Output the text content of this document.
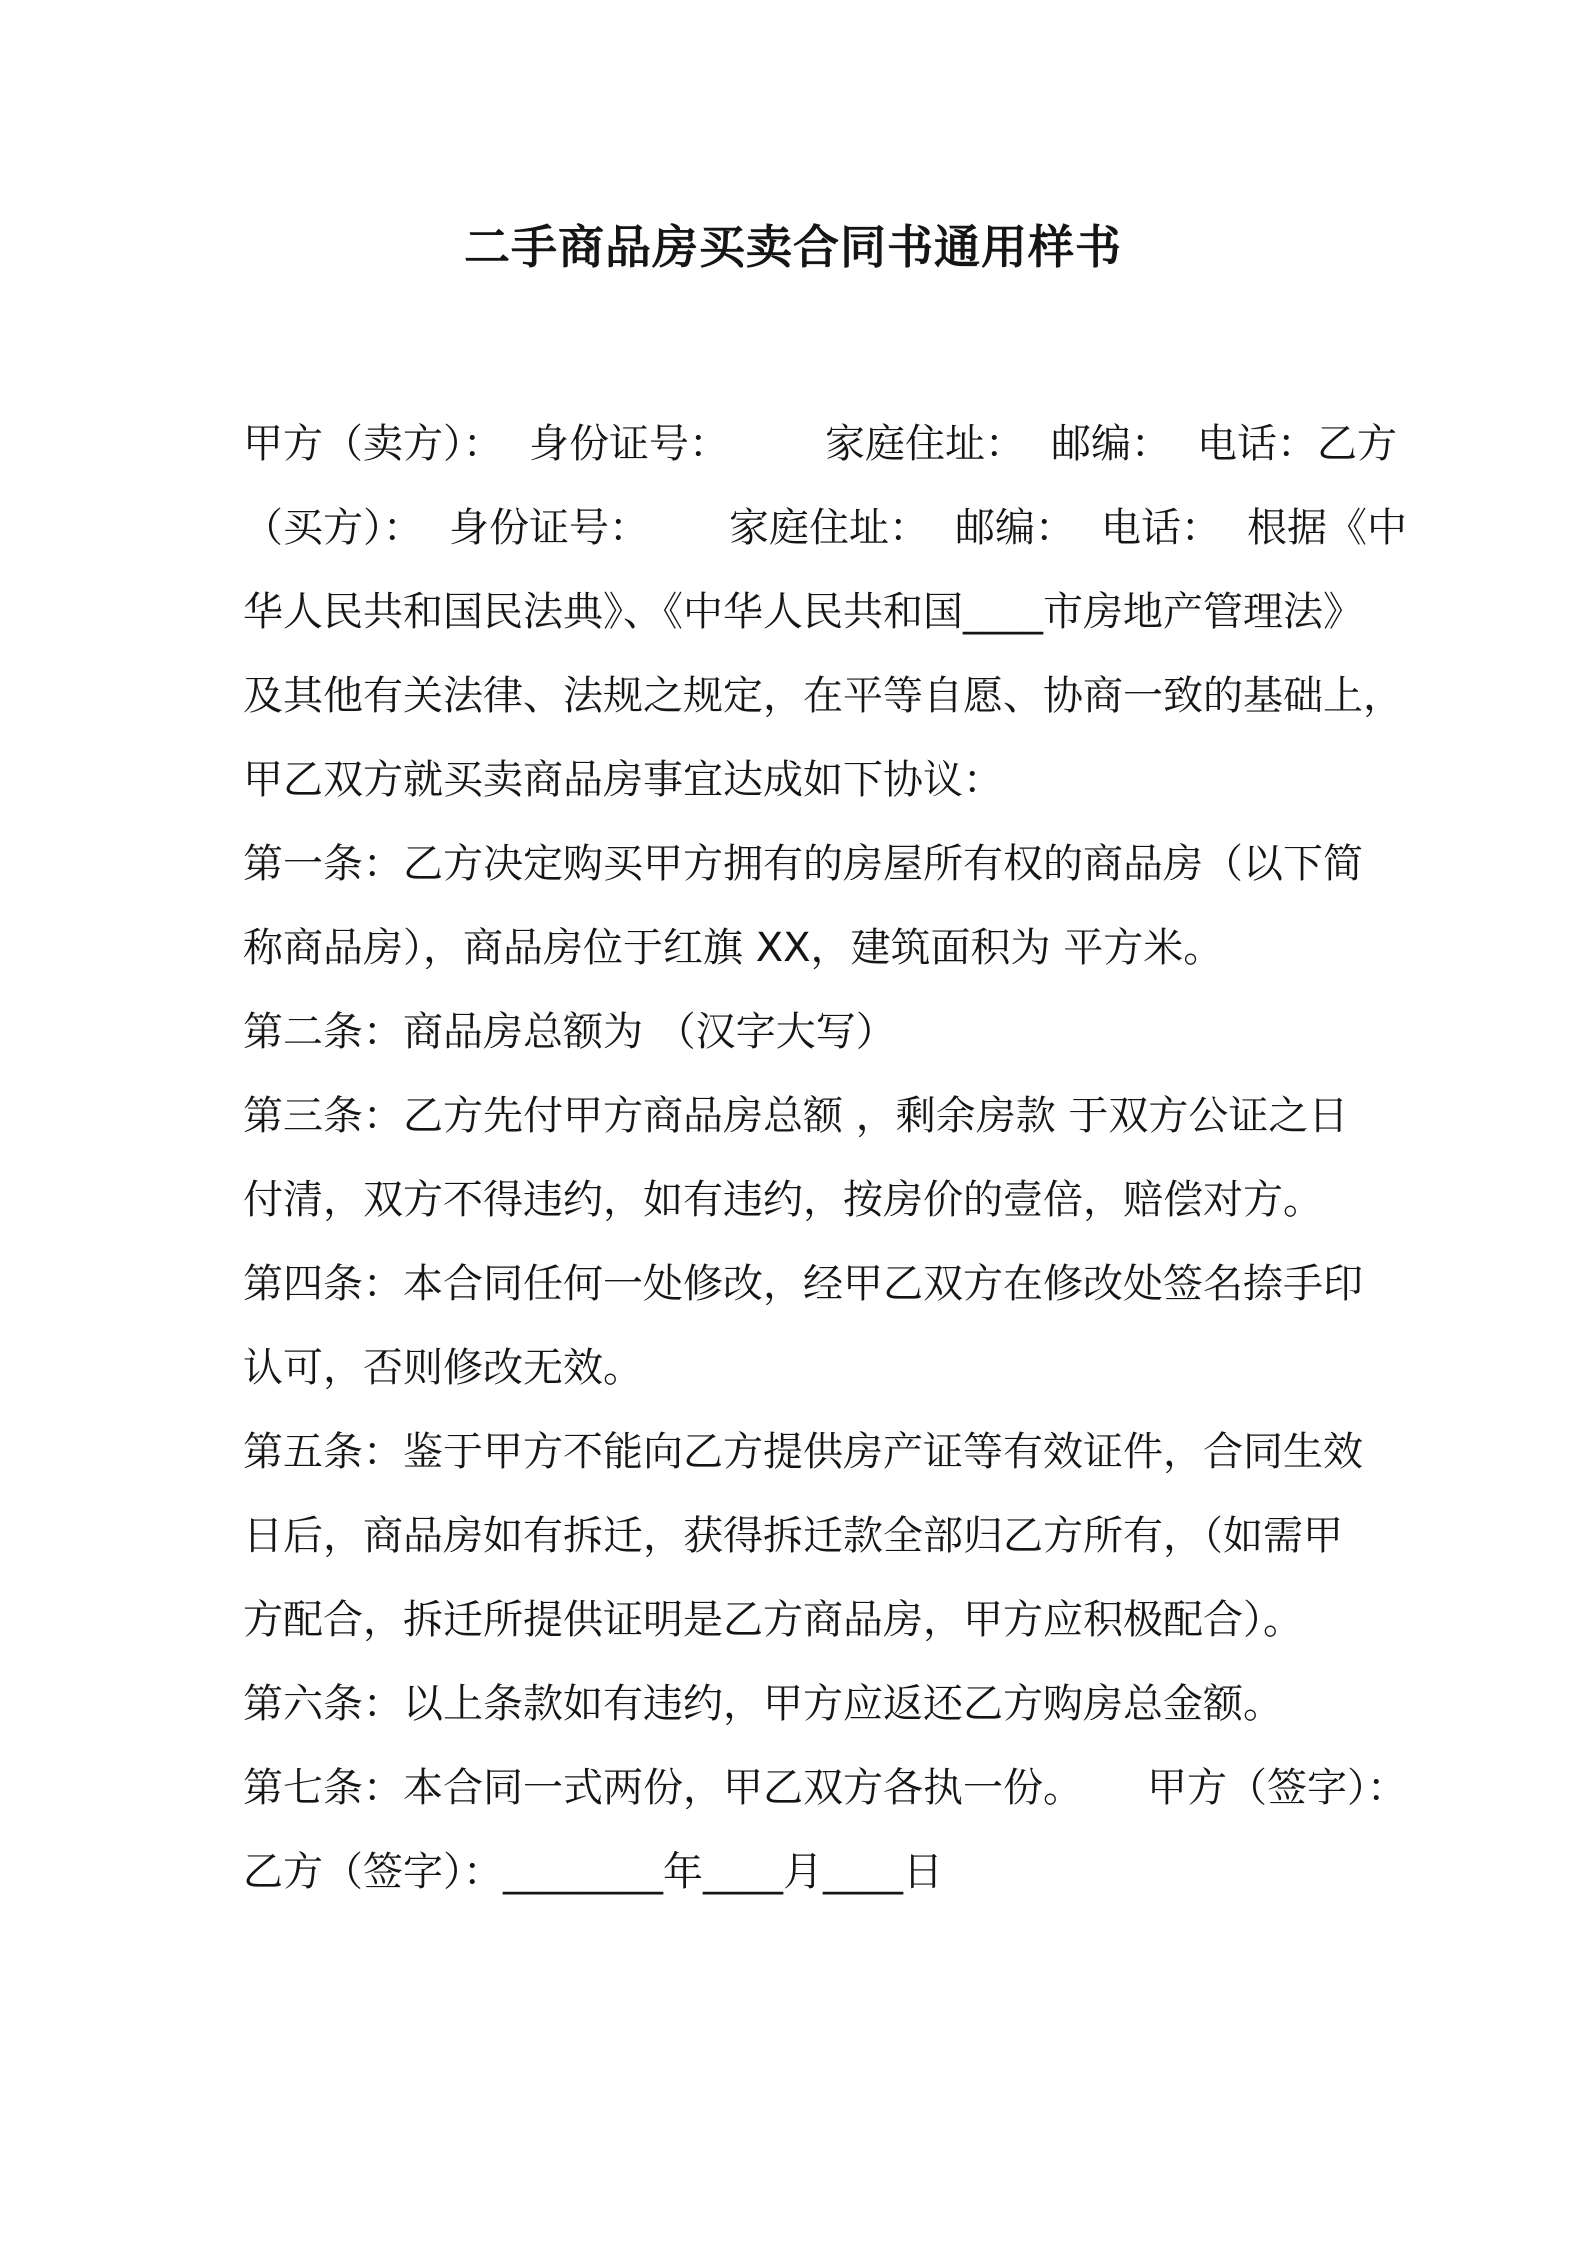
二手商品房买卖合同书通用样书
甲方（卖方）： 身份证号： 家庭住址： 邮编： 电话：乙方
（买方）： 身份证号： 家庭住址： 邮编： 电话： 根据《中
华人民共和国民法典》、《中华人民共和国____市房地产管理法》
及其他有关法律、法规之规定，在平等自愿、协商一致的基础上，
甲乙双方就买卖商品房事宜达成如下协议：
第一条：乙方决定购买甲方拥有的房屋所有权的商品房（以下简
称商品房），商品房位于红旗 XX，建筑面积为 平方米。
第二条：商品房总额为 （汉字大写）
第三条：乙方先付甲方商品房总额 ，剩余房款 于双方公证之日
付清，双方不得违约，如有违约，按房价的壹倍，赔偿对方。
第四条：本合同任何一处修改，经甲乙双方在修改处签名捺手印
认可，否则修改无效。
第五条：鉴于甲方不能向乙方提供房产证等有效证件，合同生效
日后，商品房如有拆迁，获得拆迁款全部归乙方所有，（如需甲
方配合，拆迁所提供证明是乙方商品房，甲方应积极配合）。
第六条：以上条款如有违约，甲方应返还乙方购房总金额。
第七条：本合同一式两份，甲乙双方各执一份。 甲方（签字）：
乙方（签字）：________年____月____日
